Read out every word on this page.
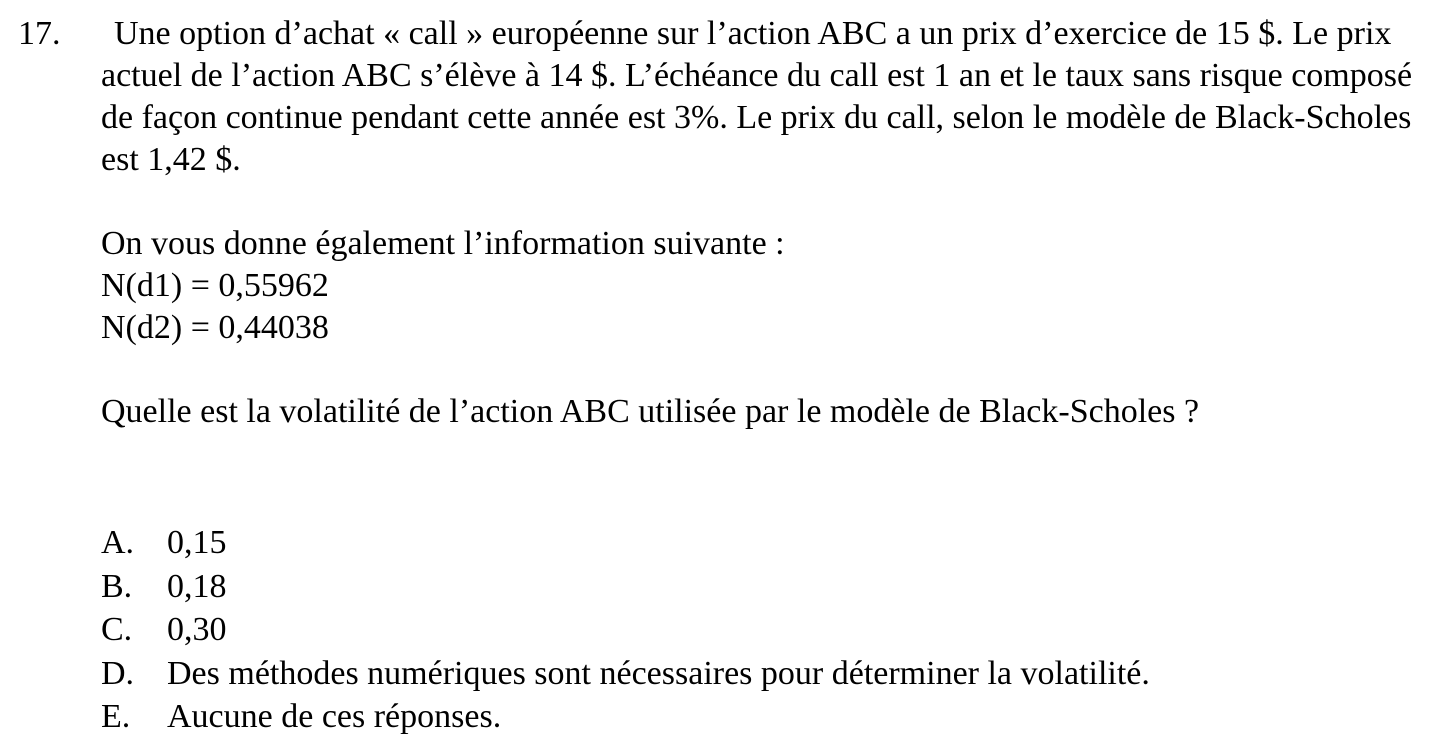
17.	Une option d’achat « call » européenne sur l’action ABC a un prix d’exercice de 15 $. Le prix actuel de l’action ABC s’élève à 14 $. L’échéance du call est 1 an et le taux sans risque composé de façon continue pendant cette année est 3%. Le prix du call, selon le modèle de Black-Scholes est 1,42 $.

On vous donne également l’information suivante :
N(d1) = 0,55962
N(d2) = 0,44038
Quelle est la volatilité de l’action ABC utilisée par le modèle de Black-Scholes ?
A. 0,15
B.	0,18
C.	0,30
D. Des méthodes numériques sont nécessaires pour déterminer la volatilité.
E.	Aucune de ces réponses.
